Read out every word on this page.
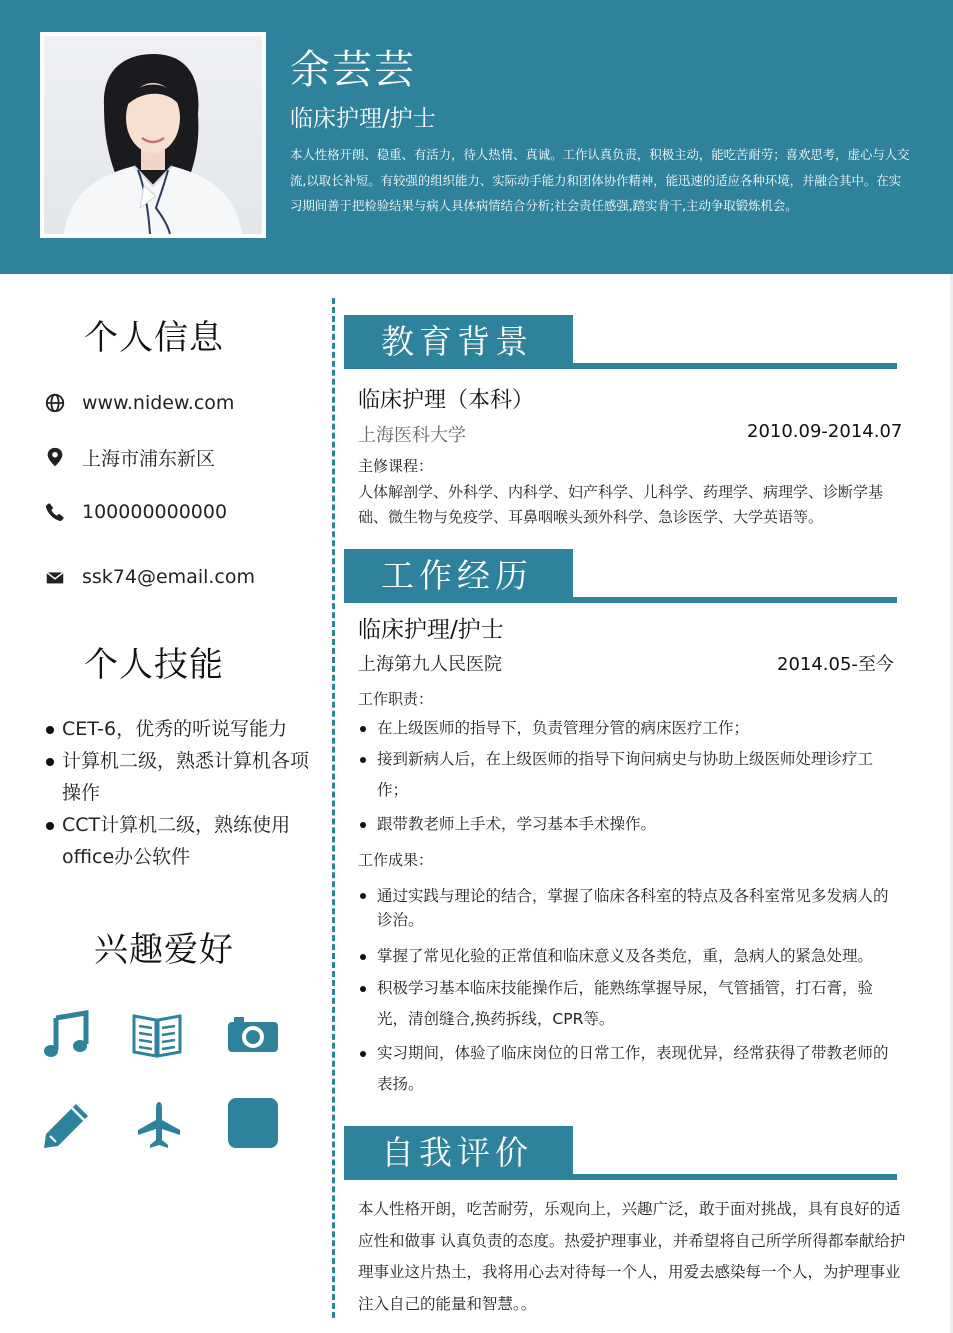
余芸芸
临床护理/护士
本人性格开朗、稳重、有活力，待人热情、真诚。工作认真负责，积极主动，能吃苦耐劳；喜欢思考，虚心与人交流,以取长补短。有较强的组织能力、实际动手能力和团体协作精神，能迅速的适应各种环境，并融合其中。在实习期间善于把检验结果与病人具体病情结合分析;社会责任感强,踏实肯干,主动争取锻炼机会。
个人信息
www.nidew.com
上海市浦东新区
100000000000
ssk74@email.com
个人技能
CET-6，优秀的听说写能力
计算机二级，熟悉计算机各项操作
CCT计算机二级，熟练使用office办公软件
兴趣爱好
教育背景
临床护理（本科）
上海医科大学	2010.09-2014.07
主修课程：
人体解剖学、外科学、内科学、妇产科学、儿科学、药理学、病理学、诊断学基础、微生物与免疫学、耳鼻咽喉头颈外科学、急诊医学、大学英语等。
工作经历
临床护理/护士
上海第九人民医院	2014.05-至今
工作职责：
在上级医师的指导下，负责管理分管的病床医疗工作；
接到新病人后，在上级医师的指导下询问病史与协助上级医师处理诊疗工作；
跟带教老师上手术，学习基本手术操作。
工作成果：
通过实践与理论的结合，掌握了临床各科室的特点及各科室常见多发病人的诊治。
掌握了常见化验的正常值和临床意义及各类危，重，急病人的紧急处理。
积极学习基本临床技能操作后，能熟练掌握导尿，气管插管，打石膏，验光，清创缝合,换药拆线，CPR等。
实习期间，体验了临床岗位的日常工作，表现优异，经常获得了带教老师的表扬。
自我评价
本人性格开朗，吃苦耐劳，乐观向上，兴趣广泛，敢于面对挑战，具有良好的适应性和做事 认真负责的态度。热爱护理事业，并希望将自己所学所得都奉献给护理事业这片热土，我将用心去对待每一个人，用爱去感染每一个人，为护理事业注入自己的能量和智慧。。
